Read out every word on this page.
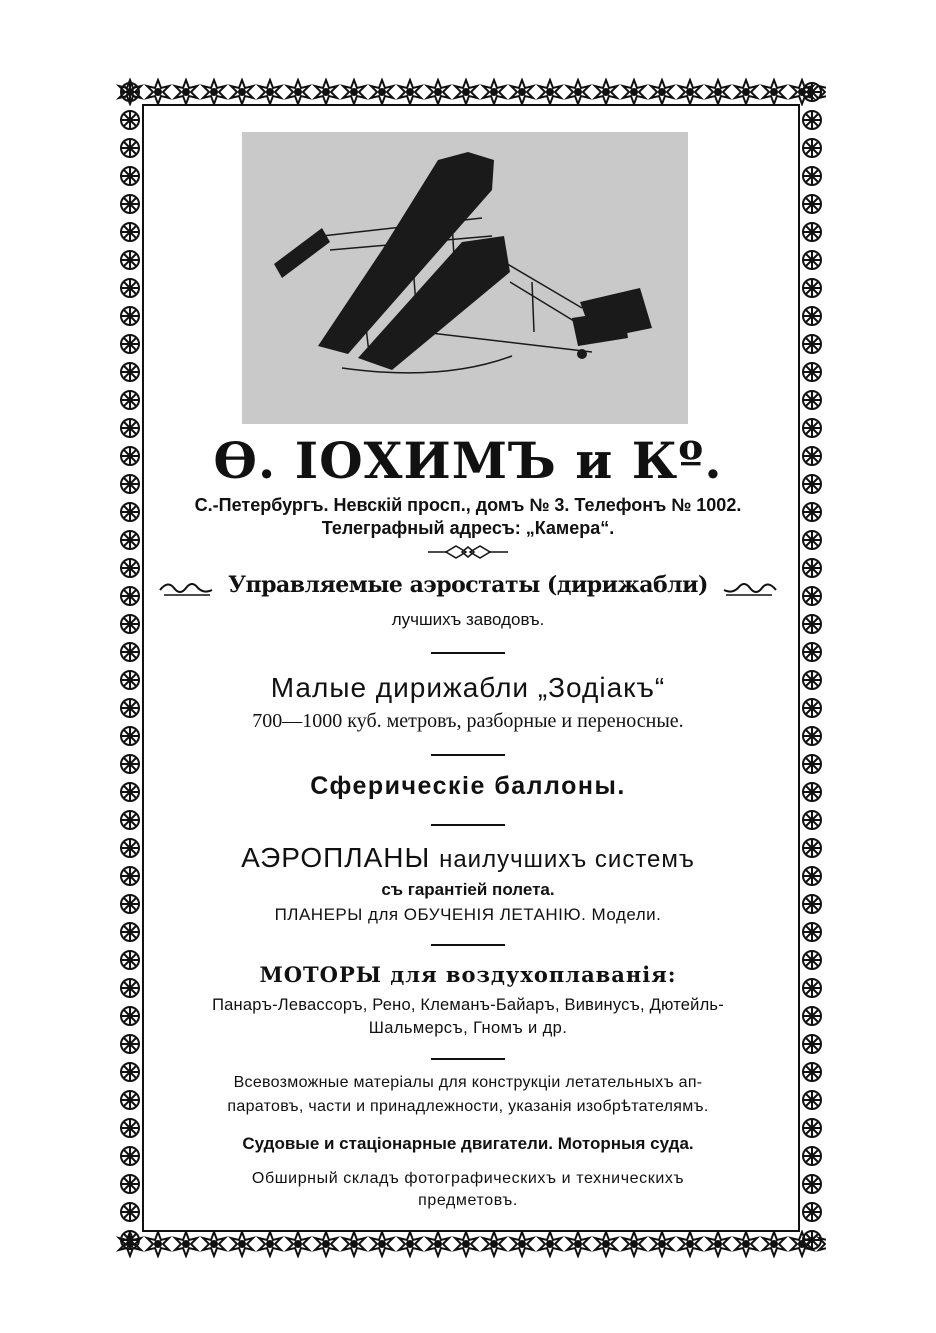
Ѳ. ІОХИМЪ и Кº.
С.-Петербургъ. Невскій просп., домъ № 3. Телефонъ № 1002.
Телеграфный адресъ: „Камера“.
Управляемые аэростаты (дирижабли)
лучшихъ заводовъ.
Малые дирижабли „Зодіакъ“
700—1000 куб. метровъ, разборные и переносные.
Сферическіе баллоны.
АЭРОПЛАНЫ наилучшихъ системъ
съ гарантіей полета.
ПЛАНЕРЫ для ОБУЧЕНІЯ ЛЕТАНІЮ. Модели.
МОТОРЫ для воздухоплаванія:
Панаръ-Левассоръ, Рено, Клеманъ-Байаръ, Вивинусъ, Дютейль-
Шальмерсъ, Гномъ и др.
Всевозможные матеріалы для конструкціи летательныхъ ап-
паратовъ, части и принадлежности, указанія изобрѣтателямъ.
Судовые и стаціонарные двигатели. Моторныя суда.
Обширный складъ фотографическихъ и техническихъ
предметовъ.
